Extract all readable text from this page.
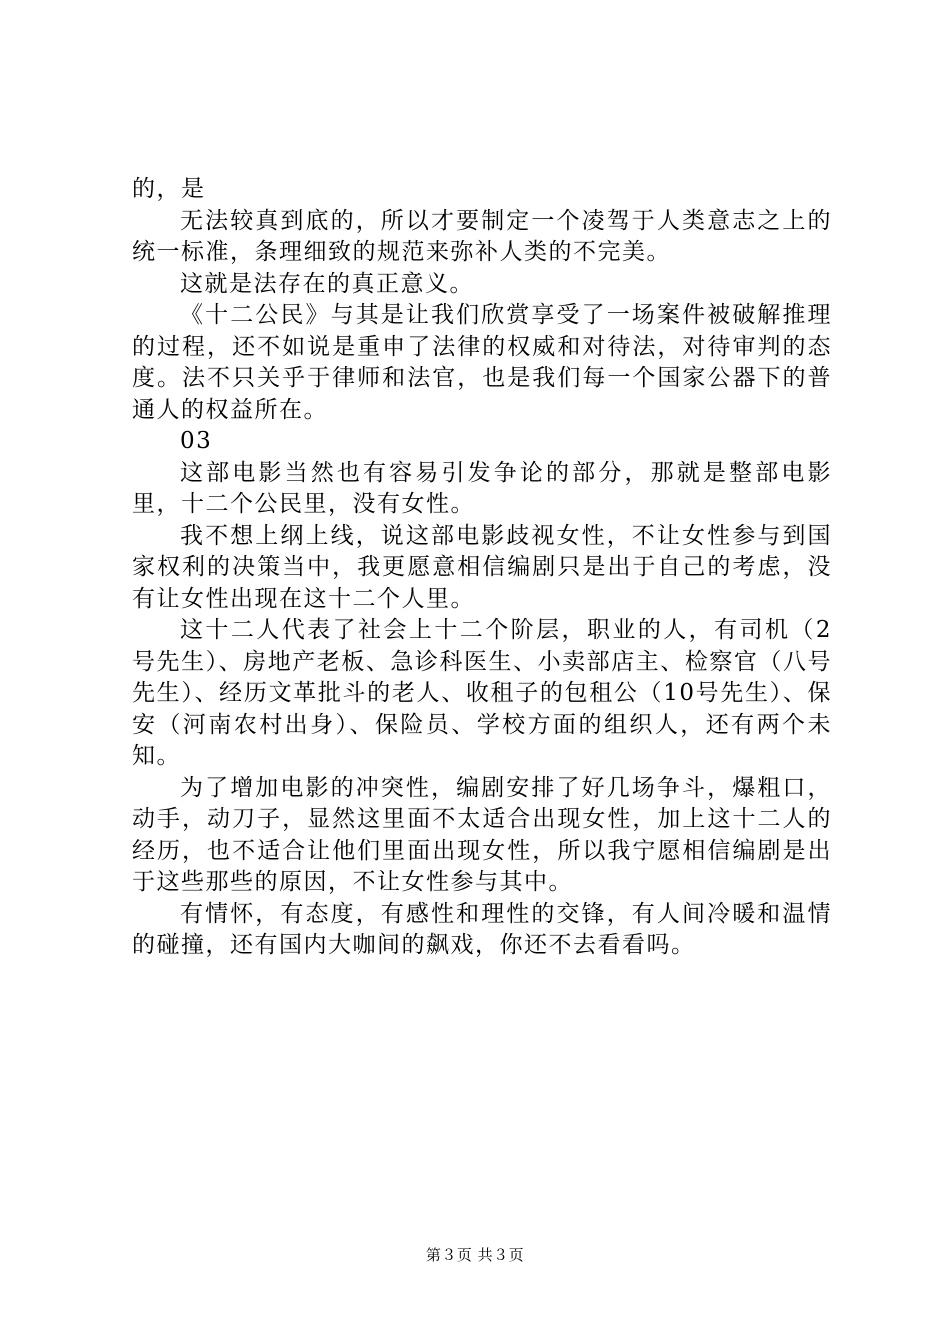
的，是

无法较真到底的，所以才要制定一个凌驾于人类意志之上的统一标准，条理细致的规范来弥补人类的不完美。

这就是法存在的真正意义。

《十二公民》与其是让我们欣赏享受了一场案件被破解推理的过程，还不如说是重申了法律的权威和对待法，对待审判的态度。法不只关乎于律师和法官，也是我们每一个国家公器下的普通人的权益所在。

03

这部电影当然也有容易引发争论的部分，那就是整部电影里，十二个公民里，没有女性。

我不想上纲上线，说这部电影歧视女性，不让女性参与到国家权利的决策当中，我更愿意相信编剧只是出于自己的考虑，没有让女性出现在这十二个人里。

这十二人代表了社会上十二个阶层，职业的人，有司机（2号先生）、房地产老板、急诊科医生、小卖部店主、检察官（八号先生）、经历文革批斗的老人、收租子的包租公（10号先生）、保安（河南农村出身）、保险员、学校方面的组织人，还有两个未知。

为了增加电影的冲突性，编剧安排了好几场争斗，爆粗口，动手，动刀子，显然这里面不太适合出现女性，加上这十二人的经历，也不适合让他们里面出现女性，所以我宁愿相信编剧是出于这些那些的原因，不让女性参与其中。

有情怀，有态度，有感性和理性的交锋，有人间冷暖和温情的碰撞，还有国内大咖间的飙戏，你还不去看看吗。

第３页 共３页
